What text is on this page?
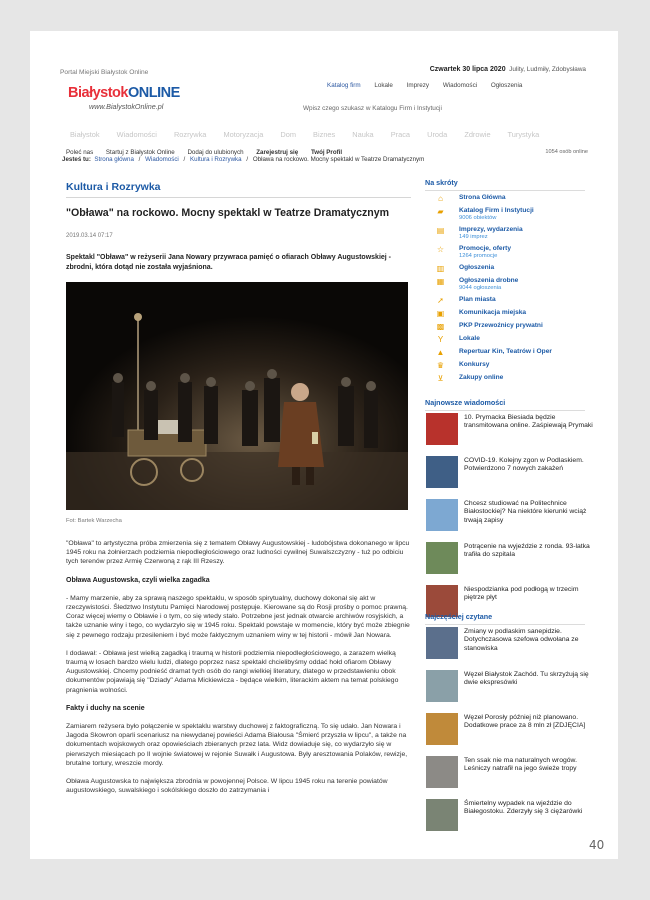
Portal Miejski Białystok Online	Czwartek 30 lipca 2020 Julity, Ludmiły, Zdobysława
BiałystokONLINE
www.BialystokOnline.pl
Katalog firm Lokale Imprezy Wiadomości Ogłoszenia
Wpisz czego szukasz w Katalogu Firm i Instytucji
Białystok Wiadomości Rozrywka Motoryzacja Dom Biznes Nauka Praca Uroda Zdrowie Turystyka
Poleć nas Startuj z Białystok Online Dodaj do ulubionych Zarejestruj się Twój Profil	1054 osób online
Jesteś tu: Strona główna / Wiadomości / Kultura i Rozrywka / Obława na rockowo. Mocny spektakl w Teatrze Dramatycznym
Kultura i Rozrywka
"Obława" na rockowo. Mocny spektakl w Teatrze Dramatycznym
2019.03.14 07:17
Spektakl "Obława" w reżyserii Jana Nowary przywraca pamięć o ofiarach Obławy Augustowskiej - zbrodni, która dotąd nie została wyjaśniona.
Fot: Bartek Warzecha

"Obława" to artystyczna próba zmierzenia się z tematem Obławy Augustowskiej - ludobójstwa dokonanego w lipcu 1945 roku na żołnierzach podziemia niepodległościowego oraz ludności cywilnej Suwalszczyzny - tuż po odbiciu tych terenów przez Armię Czerwoną z rąk III Rzeszy.

Obława Augustowska, czyli wielka zagadka

- Mamy marzenie, aby za sprawą naszego spektaklu, w sposób spirytualny, duchowy dokonał się akt w rzeczywistości. Śledztwo Instytutu Pamięci Narodowej postępuje. Kierowane są do Rosji prośby o pomoc prawną. Coraz więcej wiemy o Obławie i o tym, co się wtedy stało. Potrzebne jest jednak otwarcie archiwów rosyjskich, a także uznanie winy i tego, co wydarzyło się w 1945 roku. Spektakl powstaje w momencie, który być może zbiegnie się z pewnego rodzaju przesileniem i być może faktycznym uznaniem winy w tej historii - mówił Jan Nowara.

I dodawał: - Obława jest wielką zagadką i traumą w historii podziemia niepodległościowego, a zarazem wielką traumą w losach bardzo wielu ludzi, dlatego poprzez nasz spektakl chcielibyśmy oddać hołd ofiarom Obławy Augustowskiej. Chcemy podnieść dramat tych osób do rangi wielkiej literatury, dlatego w przedstawieniu obok dokumentów pojawiają się "Dziady" Adama Mickiewicza - będące wielkim, literackim aktem na temat polskiego pragnienia wolności.

Fakty i duchy na scenie

Zamiarem reżysera było połączenie w spektaklu warstwy duchowej z faktograficzną. To się udało. Jan Nowara i Jagoda Skowron oparli scenariusz na niewydanej powieści Adama Białousa "Śmierć przyszła w lipcu", a także na dokumentach wojskowych oraz opowieściach zbieranych przez lata. Widz dowiaduje się, co wydarzyło się w pierwszych miesiącach po II wojnie światowej w rejonie Suwałk i Augustowa. Były aresztowania Polaków, rewizje, brutalne tortury, wreszcie mordy.

Obława Augustowska to największa zbrodnia w powojennej Polsce. W lipcu 1945 roku na terenie powiatów augustowskiego, suwalskiego i sokólskiego doszło do zatrzymania i

Na skróty
⌂	Strona Główna
▰ Katalog Firm i Instytucji
9006 obiektów
▤ Imprezy, wydarzenia
149 imprez
☆ Promocje, oferty
1264 promocje
▥ Ogłoszenia
▦ Ogłoszenia drobne
9044 ogłoszenia
➚ Plan miasta
▣ Komunikacja miejska
▩ PKP Przewoźnicy prywatni
Y Lokale
▲ Repertuar Kin, Teatrów i Oper
♛ Konkursy
⊻ Zakupy online
Najnowsze wiadomości
10. Prymacka Biesiada będzie transmitowana online. Zaśpiewają Prymaki
COVID-19. Kolejny zgon w Podlaskiem. Potwierdzono 7 nowych zakażeń
Chcesz studiować na Politechnice Białostockiej? Na niektóre kierunki wciąż trwają zapisy
Potrącenie na wyjeździe z ronda. 93-latka trafiła do szpitala
Niespodzianka pod podłogą w trzecim piętrze płyt
Najczęściej czytane
Zmiany w podlaskim sanepidzie. Dotychczasowa szefowa odwołana ze stanowiska
Węzeł Białystok Zachód. Tu skrzyżują się dwie ekspresówki
Węzeł Porosły później niż planowano. Dodatkowe prace za 8 mln zł [ZDJĘCIA]
Ten ssak nie ma naturalnych wrogów. Leśniczy natrafił na jego świeże tropy
Śmiertelny wypadek na wjeździe do Białegostoku. Zderzyły się 3 ciężarówki
40
